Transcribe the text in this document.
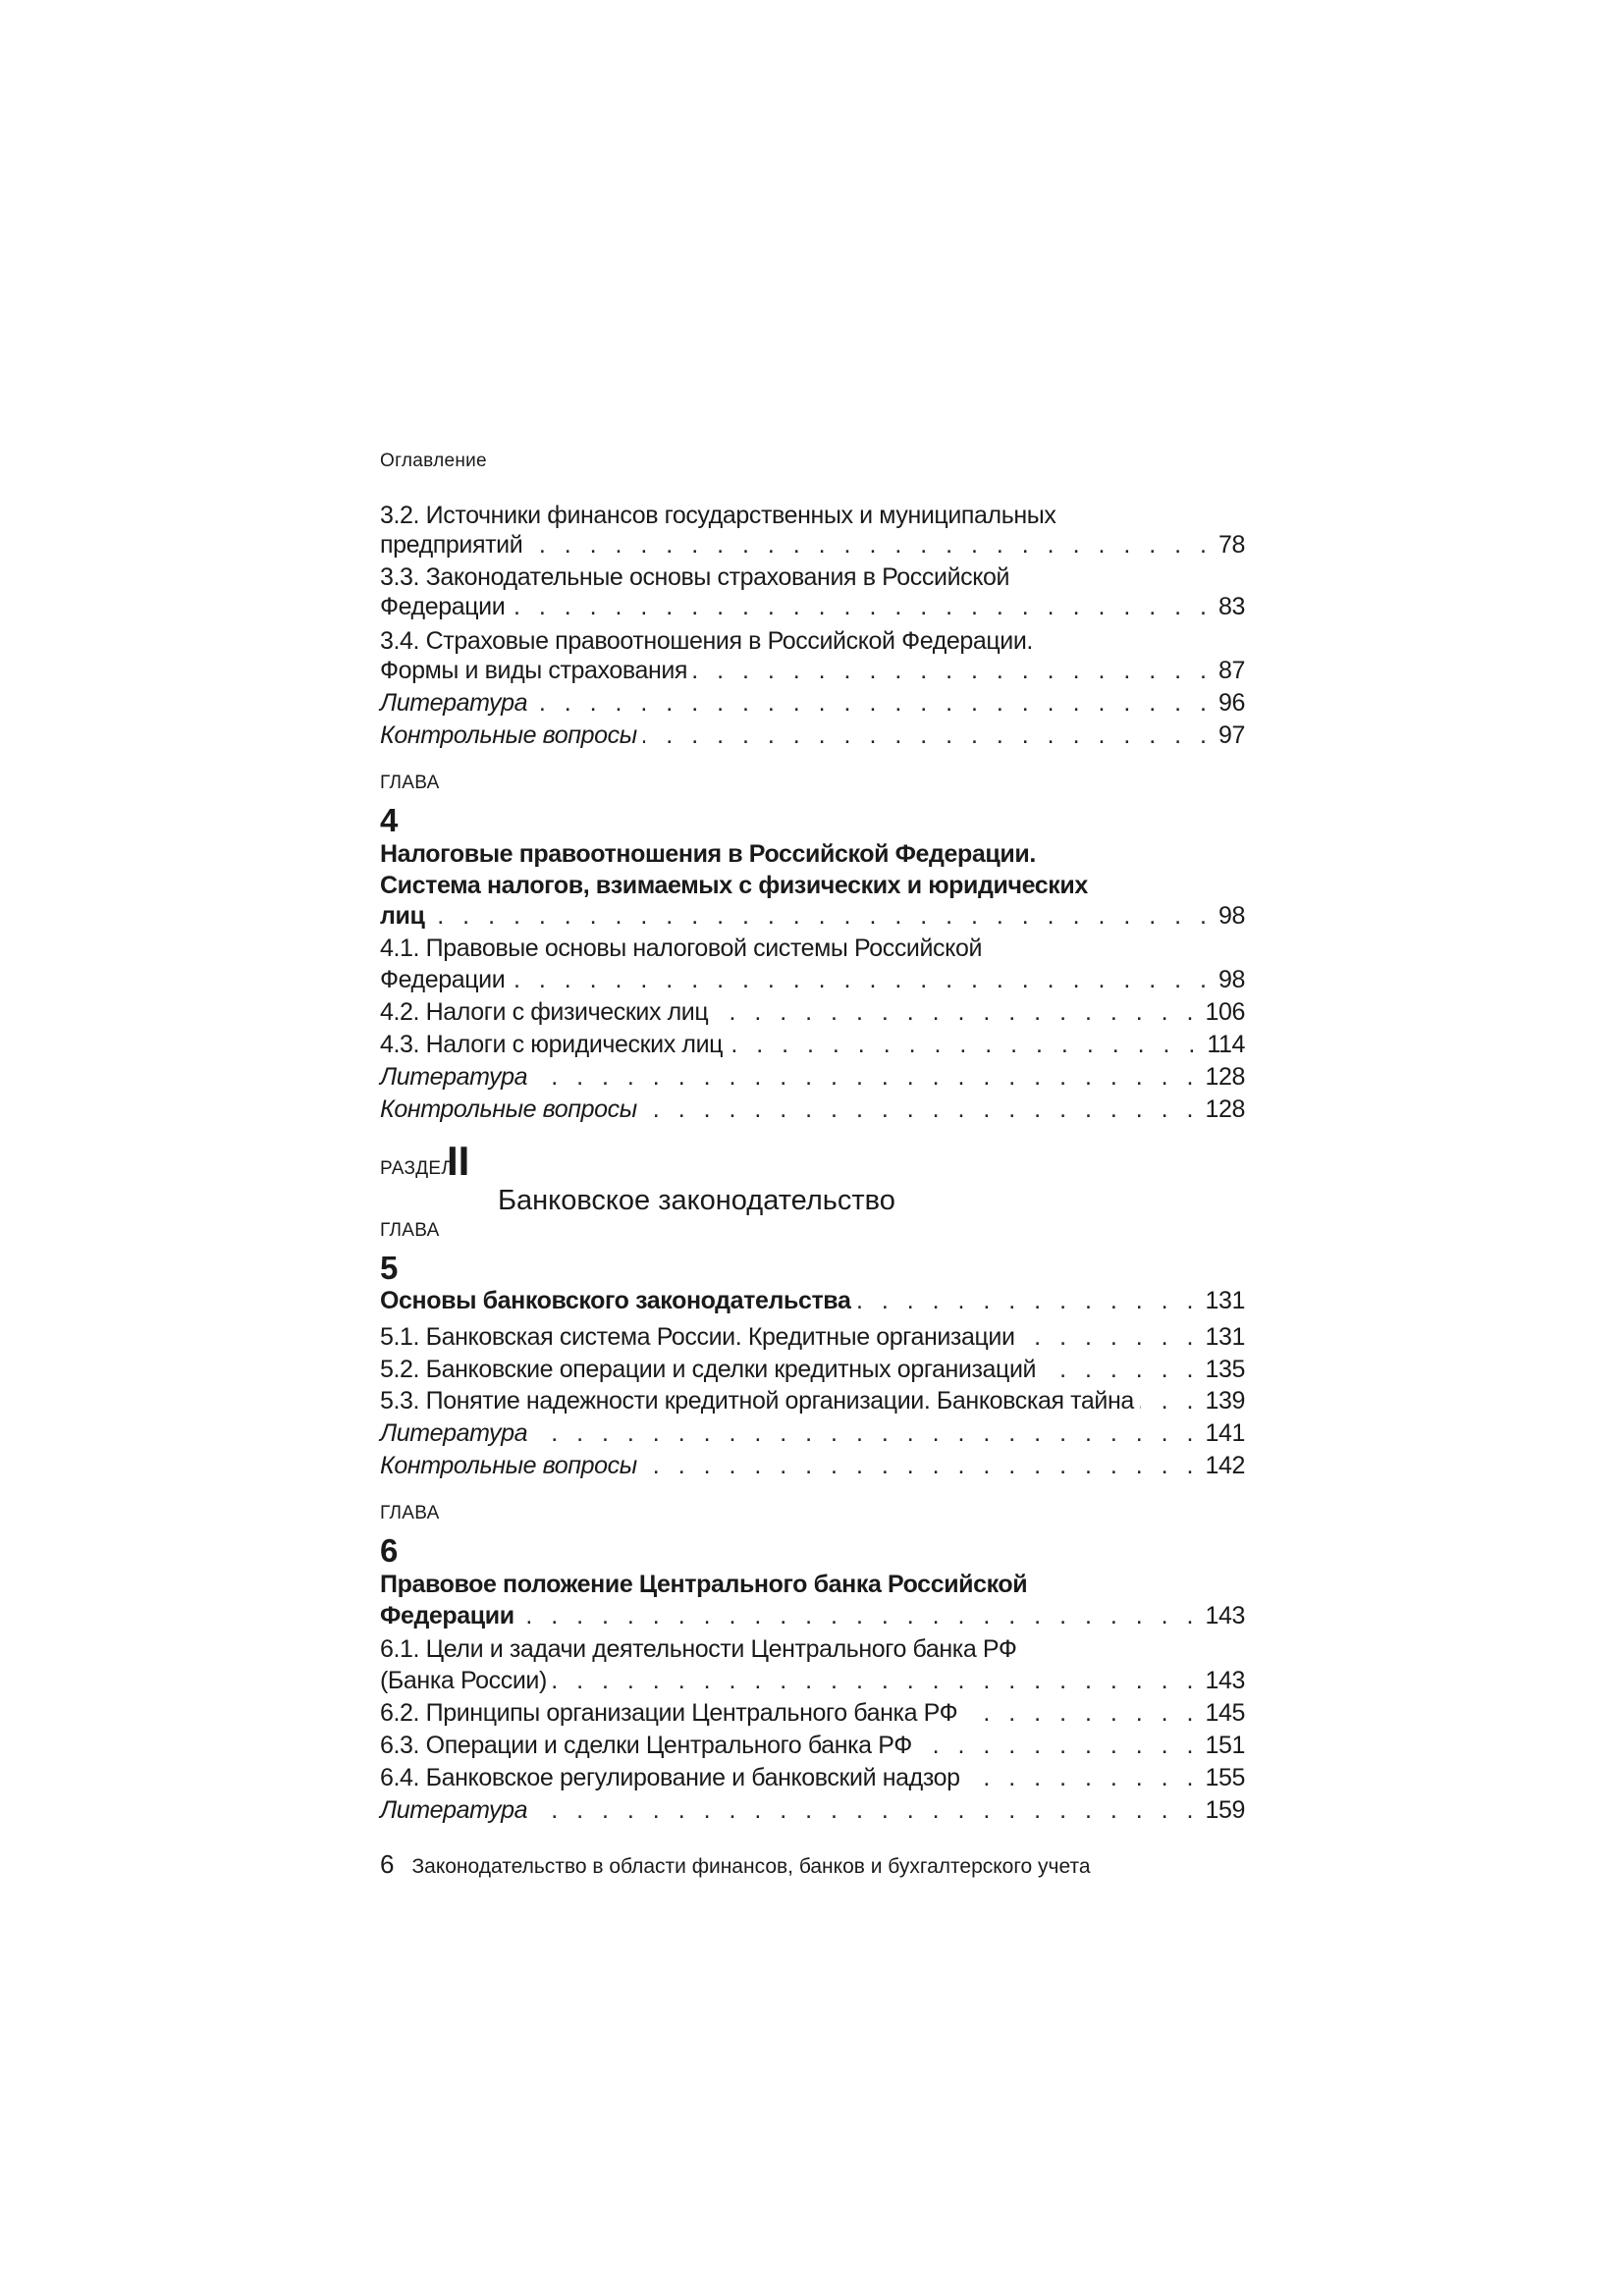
Оглавление
3.2. Источники финансов государственных и муниципальных
предприятий . . .	78
3.3. Законодательные основы страхования в Российской
Федерации . . .	83
3.4. Страховые правоотношения в Российской Федерации.
Формы и виды страхования . . .	87
Литература . . .	96
Контрольные вопросы . . .	97
ГЛАВА
4
Налоговые правоотношения в Российской Федерации.
Система налогов, взимаемых с физических и юридических
лиц . . .	98
4.1. Правовые основы налоговой системы Российской
Федерации . . .	98
4.2. Налоги с физических лиц . . .	106
4.3. Налоги с юридических лиц . . .	114
Литература . . .	128
Контрольные вопросы . . .	128
РАЗДЕЛ
II
Банковское законодательство
ГЛАВА
5
Основы банковского законодательства . . .	131
5.1. Банковская система России. Кредитные организации . . .	131
5.2. Банковские операции и сделки кредитных организаций . . .	135
5.3. Понятие надежности кредитной организации. Банковская тайна . . .	139
Литература . . .	141
Контрольные вопросы . . .	142
ГЛАВА
6
Правовое положение Центрального банка Российской
Федерации . . .	143
6.1. Цели и задачи деятельности Центрального банка РФ
(Банка России) . . .	143
6.2. Принципы организации Центрального банка РФ . . .	145
6.3. Операции и сделки Центрального банка РФ . . .	151
6.4. Банковское регулирование и банковский надзор . . .	155
Литература . . .	159
6 Законодательство в области финансов, банков и бухгалтерского учета
